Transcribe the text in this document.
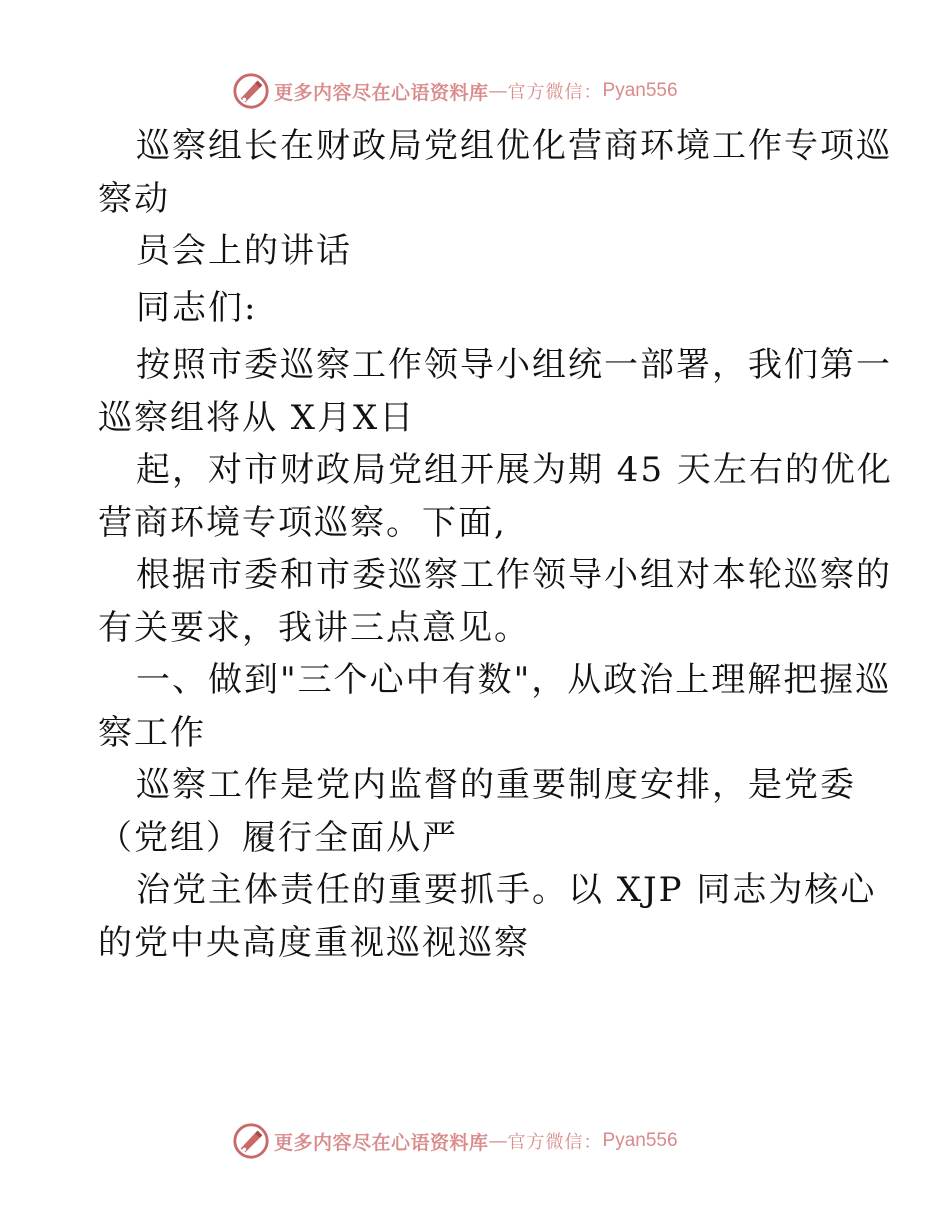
更多内容尽在心语资料库 — 官方微信： Pyan556
巡察组长在财政局党组优化营商环境工作专项巡
察动
员会上的讲话
同志们:
按照市委巡察工作领导小组统一部署，我们第一
巡察组将从 X月X日
起，对市财政局党组开展为期 45 天左右的优化
营商环境专项巡察。下面,
根据市委和市委巡察工作领导小组对本轮巡察的
有关要求，我讲三点意见。
一、做到"三个心中有数"，从政治上理解把握巡
察工作
巡察工作是党内监督的重要制度安排，是党委
（党组）履行全面从严
治党主体责任的重要抓手。以 XJP 同志为核心
的党中央高度重视巡视巡察
更多内容尽在心语资料库 — 官方微信： Pyan556
